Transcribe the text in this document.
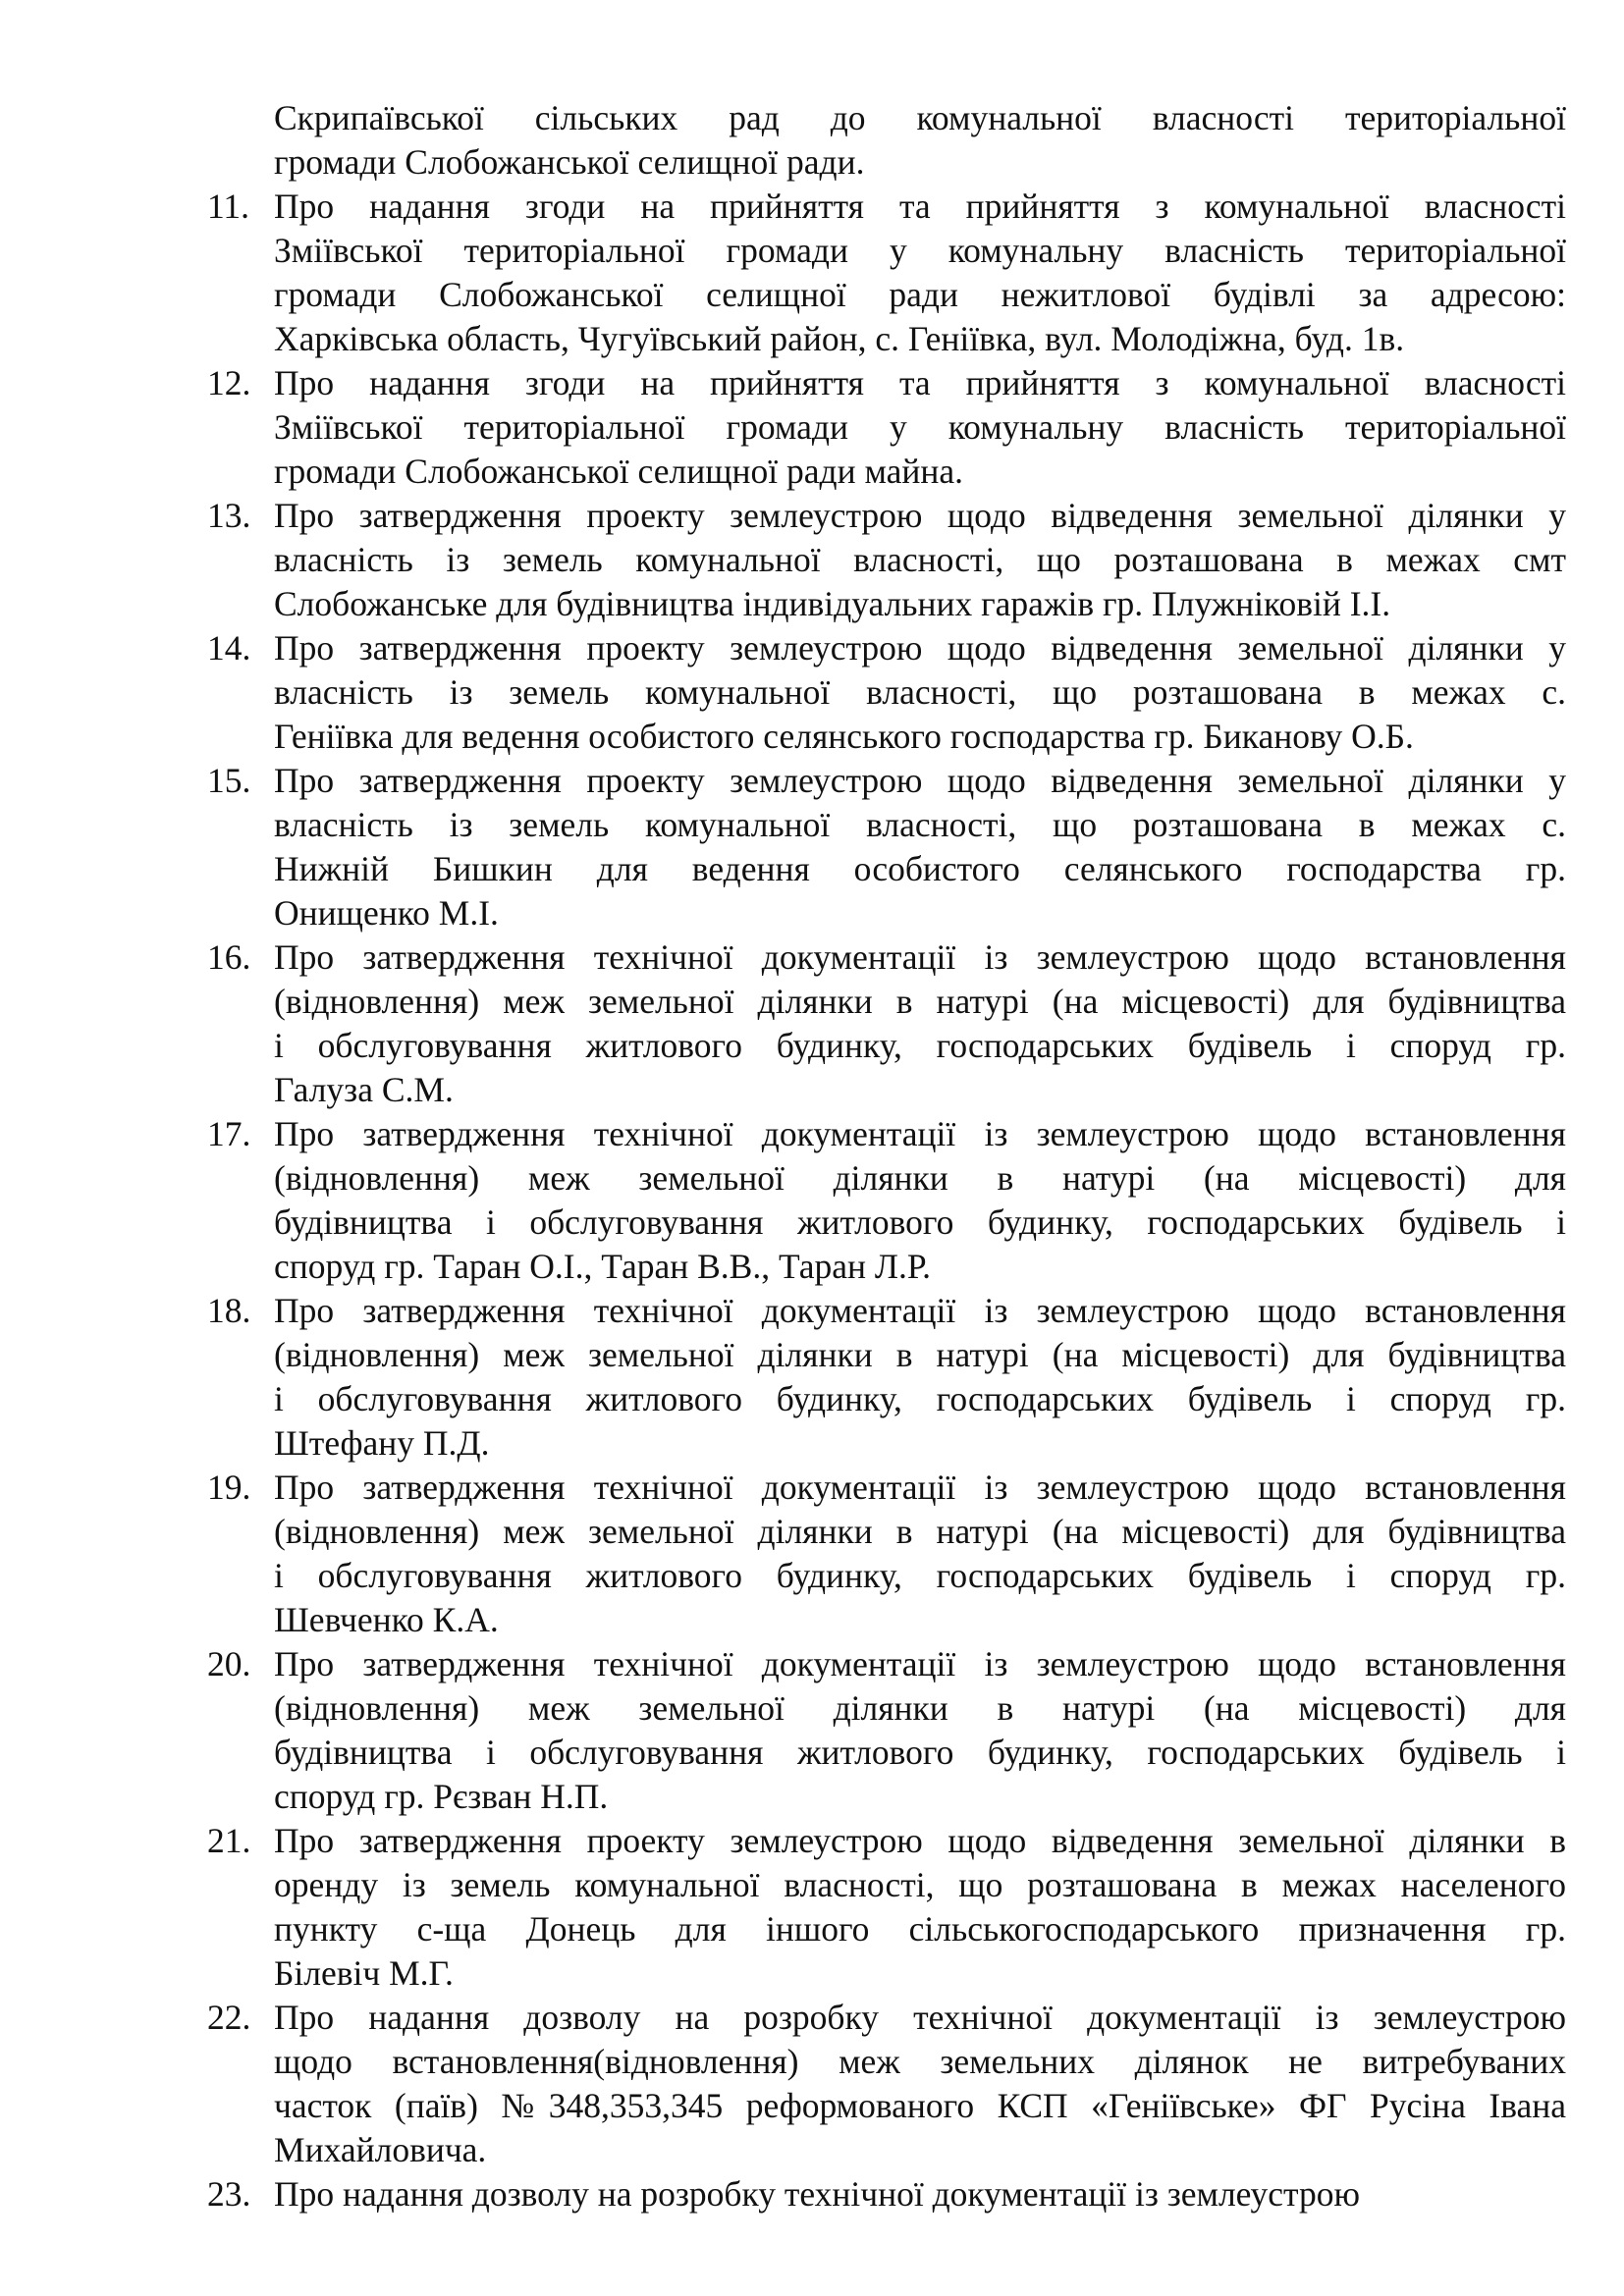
Скрипаївської сільських рад до комунальної власності територіальної
громади Слобожанської селищної ради.
11. Про надання згоди на прийняття та прийняття з комунальної власності
Зміївської територіальної громади у комунальну власність територіальної
громади Слобожанської селищної ради нежитлової будівлі за адресою:
Харківська область, Чугуївський район, с. Геніївка, вул. Молодіжна, буд. 1в.
12. Про надання згоди на прийняття та прийняття з комунальної власності
Зміївської територіальної громади у комунальну власність територіальної
громади Слобожанської селищної ради майна.
13. Про затвердження проекту землеустрою щодо відведення земельної ділянки у
власність із земель комунальної власності, що розташована в межах смт
Слобожанське для будівництва індивідуальних гаражів гр. Плужніковій І.І.
14. Про затвердження проекту землеустрою щодо відведення земельної ділянки у
власність із земель комунальної власності, що розташована в межах с.
Геніївка для ведення особистого селянського господарства гр. Биканову О.Б.
15. Про затвердження проекту землеустрою щодо відведення земельної ділянки у
власність із земель комунальної власності, що розташована в межах с.
Нижній Бишкин для ведення особистого селянського господарства гр.
Онищенко М.І.
16. Про затвердження технічної документації із землеустрою щодо встановлення
(відновлення) меж земельної ділянки в натурі (на місцевості) для будівництва
і обслуговування житлового будинку, господарських будівель і споруд гр.
Галуза С.М.
17. Про затвердження технічної документації із землеустрою щодо встановлення
(відновлення) меж земельної ділянки в натурі (на місцевості) для
будівництва і обслуговування житлового будинку, господарських будівель і
споруд гр. Таран О.І., Таран В.В., Таран Л.Р.
18. Про затвердження технічної документації із землеустрою щодо встановлення
(відновлення) меж земельної ділянки в натурі (на місцевості) для будівництва
і обслуговування житлового будинку, господарських будівель і споруд гр.
Штефану П.Д.
19. Про затвердження технічної документації із землеустрою щодо встановлення
(відновлення) меж земельної ділянки в натурі (на місцевості) для будівництва
і обслуговування житлового будинку, господарських будівель і споруд гр.
Шевченко К.А.
20. Про затвердження технічної документації із землеустрою щодо встановлення
(відновлення) меж земельної ділянки в натурі (на місцевості) для
будівництва і обслуговування житлового будинку, господарських будівель і
споруд гр. Рєзван Н.П.
21. Про затвердження проекту землеустрою щодо відведення земельної ділянки в
оренду із земель комунальної власності, що розташована в межах населеного
пункту с-ща Донець для іншого сільськогосподарського призначення гр.
Білевіч М.Г.
22. Про надання дозволу на розробку технічної документації із землеустрою
щодо встановлення(відновлення) меж земельних ділянок не витребуваних
часток (паїв) №348,353,345 реформованого КСП «Геніївське» ФГ Русіна Івана
Михайловича.
23. Про надання дозволу на розробку технічної документації із землеустрою
